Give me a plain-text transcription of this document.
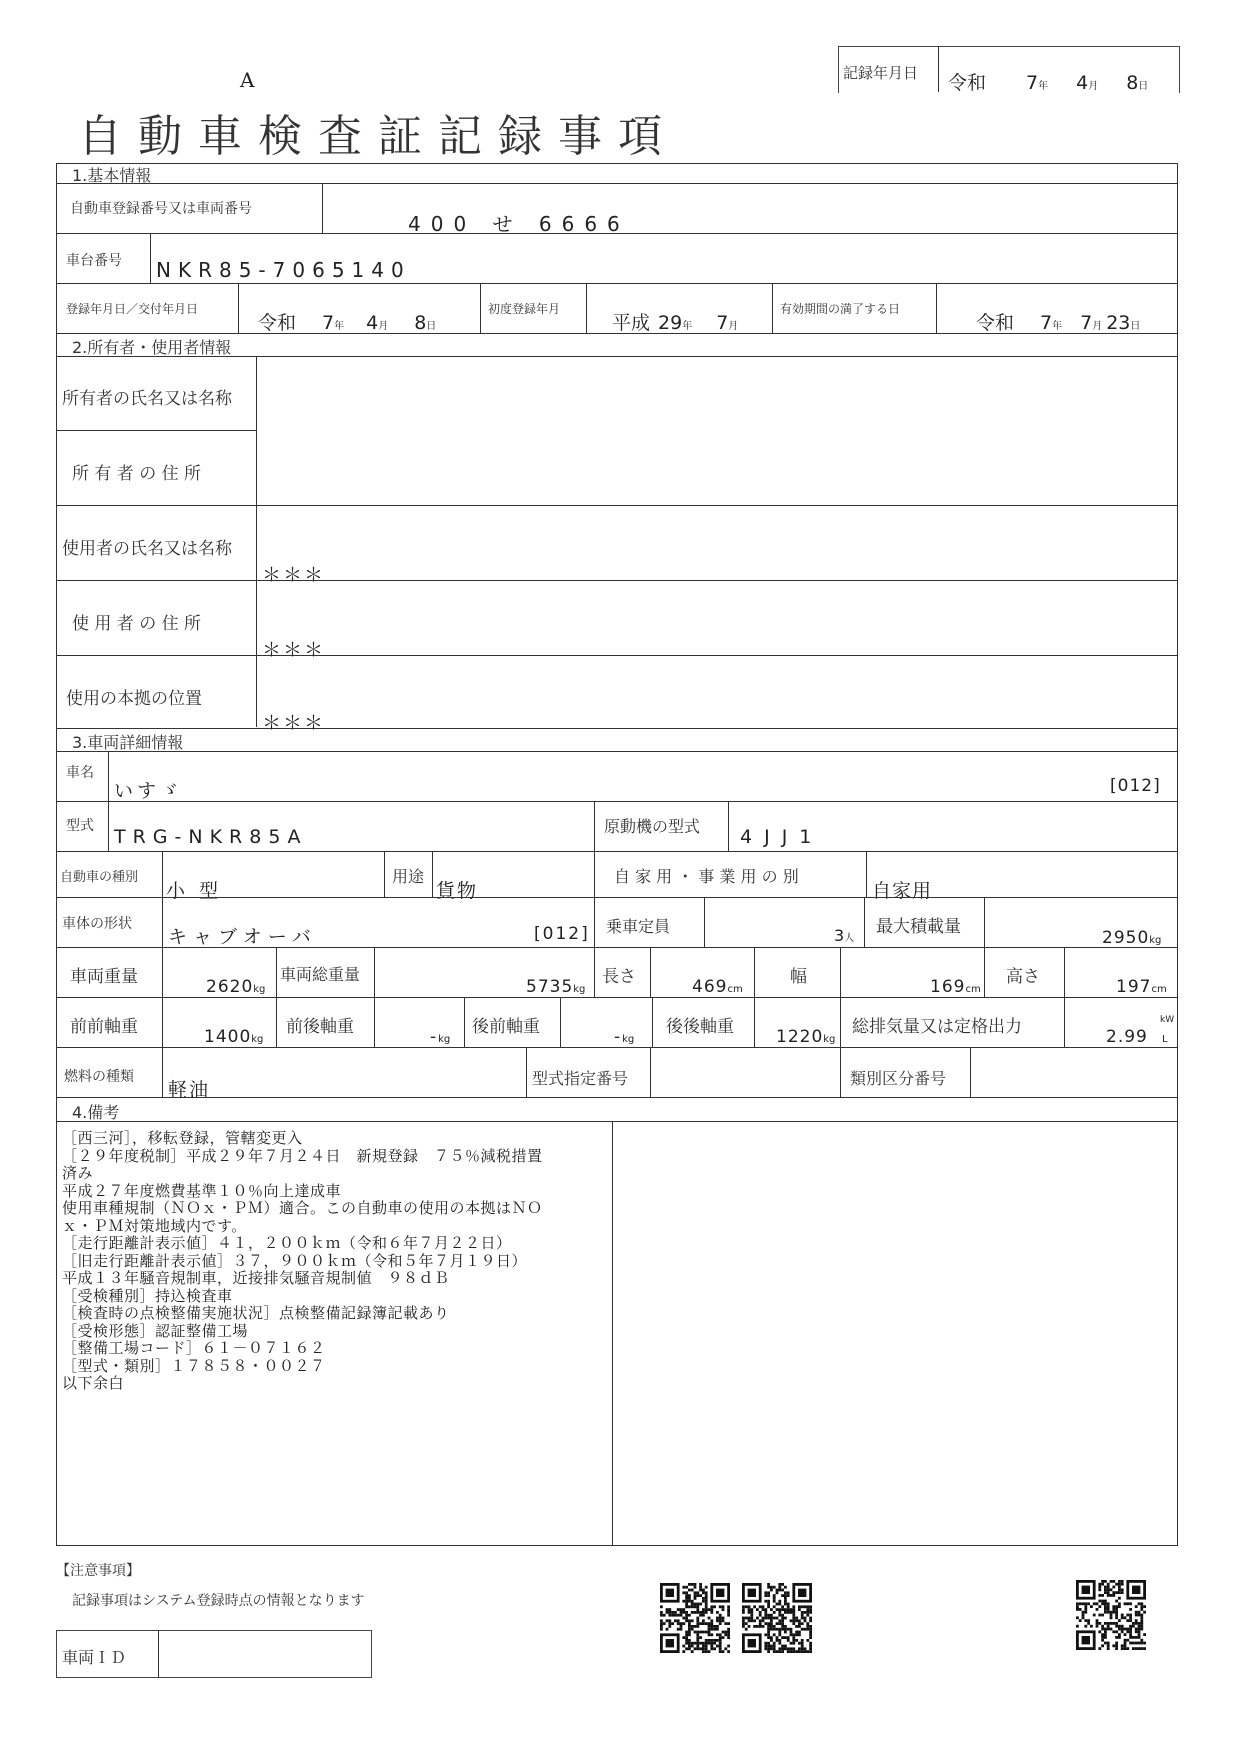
A
自動車検査証記録事項
記録年月日 令和 7年 4月 8日
1.基本情報
自動車登録番号又は車両番号
400 せ 6666
車台番号 NKR85-7065140
登録年月日／交付年月日
令和 7年 4月 8日
初度登録年月
平成 29年 7月
有効期間の満了する日
令和 7年 7月 23日
2.所有者・使用者情報
所有者の氏名又は名称
所 有 者 の 住 所
使用者の氏名又は名称
＊＊＊
使 用 者 の 住 所
＊＊＊
使用の本拠の位置
＊＊＊
3.車両詳細情報
車名
いすゞ	[012]
型式 TRG-NKR85A	原動機の型式 4JJ1
自動車の種別
小 型
用途
貨物
自 家 用 ・ 事 業 用 の 別
自家用
車体の形状
キャブオーバ	[012] 乗車定員	3人
最大積載量
2950kg
車両重量	2620kg
車両総重量
5735kg
長さ	469cm
幅	169cm
高さ	197cm
前前軸重	1400kg
前後軸重	-kg
後前軸重	-kg
後後軸重 1220kg
総排気量又は定格出力	2.99
kW
L
燃料の種類
軽油
型式指定番号	類別区分番号
4.備考
［西三河］，移転登録，管轄変更入
［２９年度税制］平成２９年７月２４日　新規登録　７５％減税措置
済み
平成２７年度燃費基準１０％向上達成車
使用車種規制（ＮＯｘ・ＰＭ）適合。この自動車の使用の本拠はＮＯ
ｘ・ＰＭ対策地域内です。
［走行距離計表示値］４１，２００ｋｍ（令和６年７月２２日）
［旧走行距離計表示値］３７，９００ｋｍ（令和５年７月１９日）
平成１３年騒音規制車，近接排気騒音規制値　９８ｄＢ
［受検種別］持込検査車
［検査時の点検整備実施状況］点検整備記録簿記載あり
［受検形態］認証整備工場
［整備工場コード］６１－０７１６２
［型式・類別］１７８５８・００２７
以下余白
【注意事項】
記録事項はシステム登録時点の情報となります
車両ＩＤ
